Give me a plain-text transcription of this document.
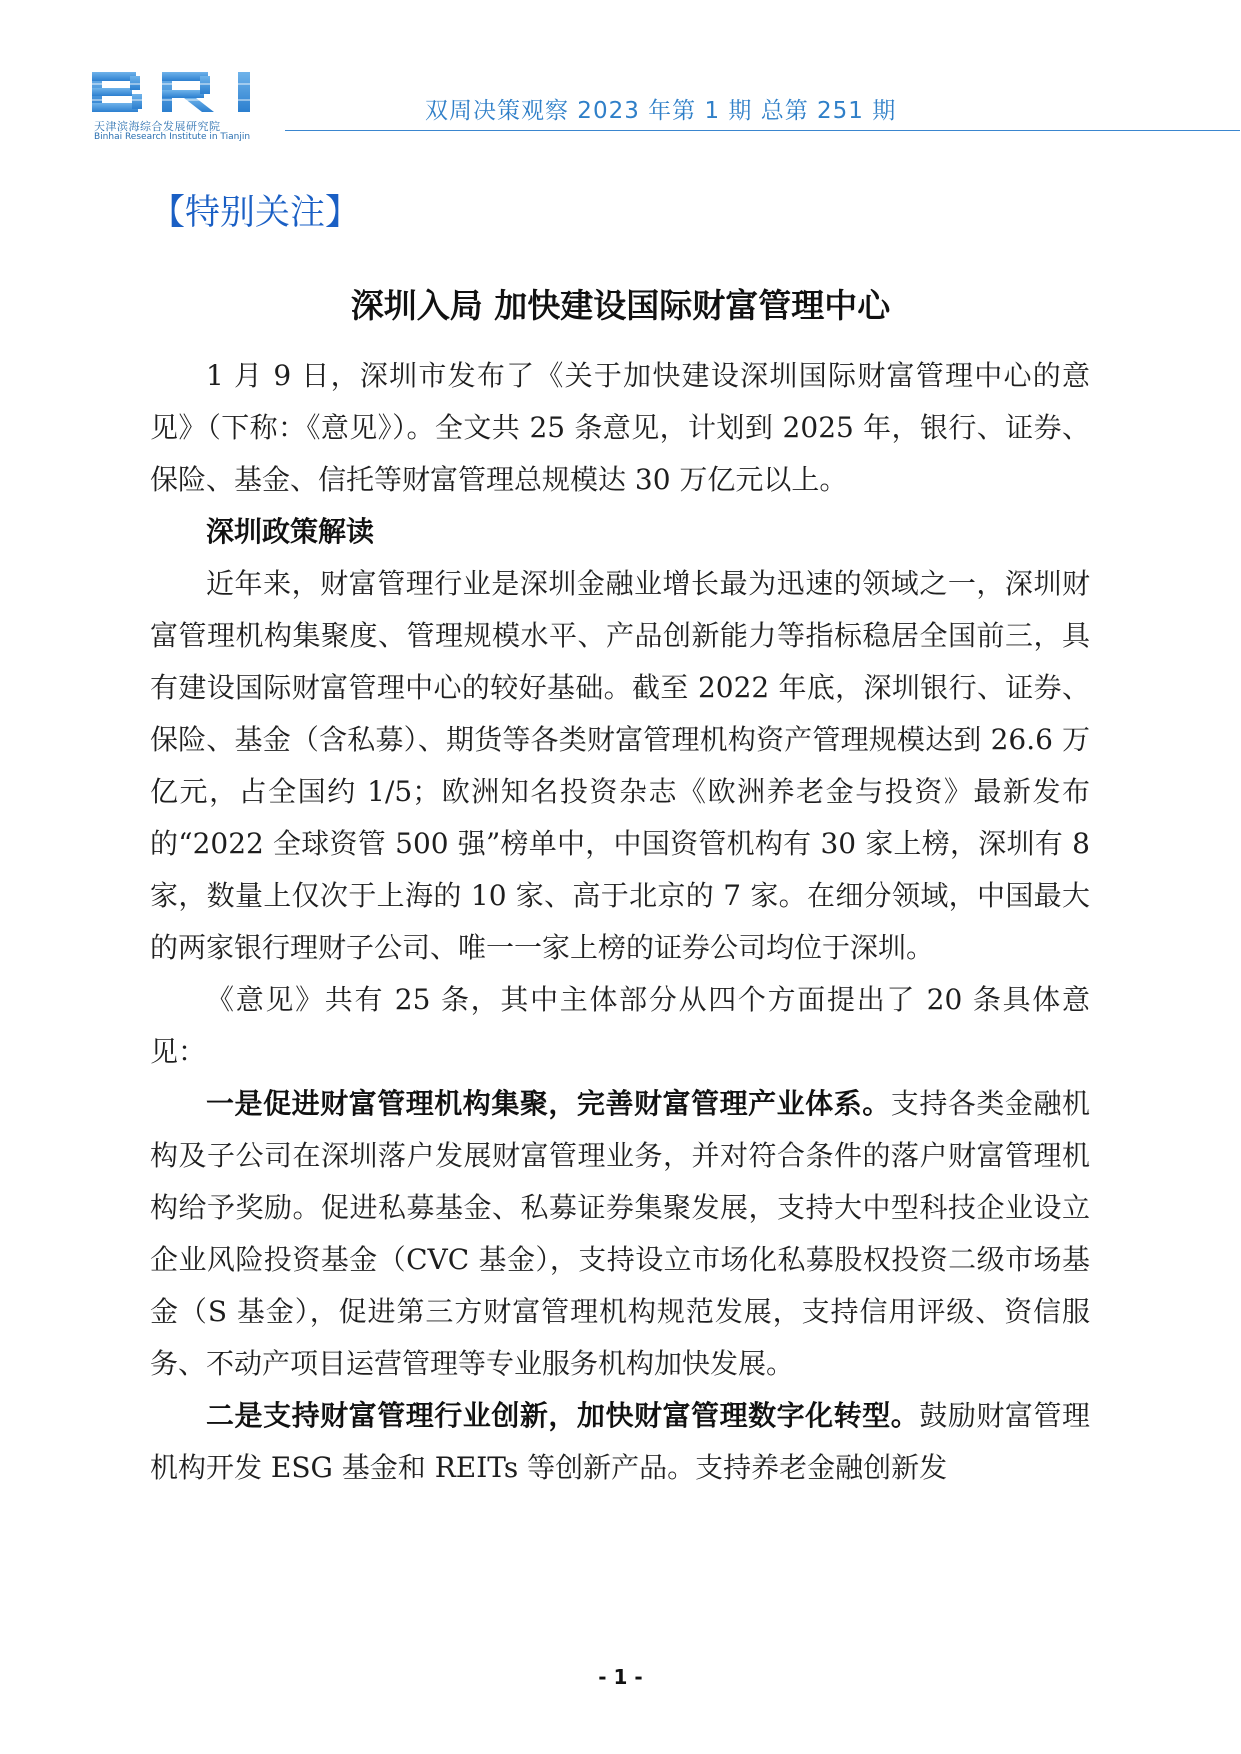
天津滨海综合发展研究院
Binhai Research Institute in Tianjin
双周决策观察 2023 年第 1 期 总第 251 期
【特别关注】
深圳入局 加快建设国际财富管理中心

1 月 9 日，深圳市发布了《关于加快建设深圳国际财富管理中心的意见》（下称：《意见》）。全文共 25 条意见，计划到 2025 年，银行、证券、保险、基金、信托等财富管理总规模达 30 万亿元以上。

深圳政策解读

近年来，财富管理行业是深圳金融业增长最为迅速的领域之一，深圳财富管理机构集聚度、管理规模水平、产品创新能力等指标稳居全国前三，具有建设国际财富管理中心的较好基础。截至 2022 年底，深圳银行、证券、保险、基金（含私募）、期货等各类财富管理机构资产管理规模达到 26.6 万亿元，占全国约 1/5；欧洲知名投资杂志《欧洲养老金与投资》最新发布的“2022 全球资管 500 强”榜单中，中国资管机构有 30 家上榜，深圳有 8 家，数量上仅次于上海的 10 家、高于北京的 7 家。在细分领域，中国最大的两家银行理财子公司、唯一一家上榜的证券公司均位于深圳。

《意见》共有 25 条，其中主体部分从四个方面提出了 20 条具体意见：

一是促进财富管理机构集聚，完善财富管理产业体系。支持各类金融机构及子公司在深圳落户发展财富管理业务，并对符合条件的落户财富管理机构给予奖励。促进私募基金、私募证券集聚发展，支持大中型科技企业设立企业风险投资基金（CVC 基金），支持设立市场化私募股权投资二级市场基金（S 基金），促进第三方财富管理机构规范发展，支持信用评级、资信服务、不动产项目运营管理等专业服务机构加快发展。

二是支持财富管理行业创新，加快财富管理数字化转型。鼓励财富管理机构开发 ESG 基金和 REITs 等创新产品。支持养老金融创新发

- 1 -
